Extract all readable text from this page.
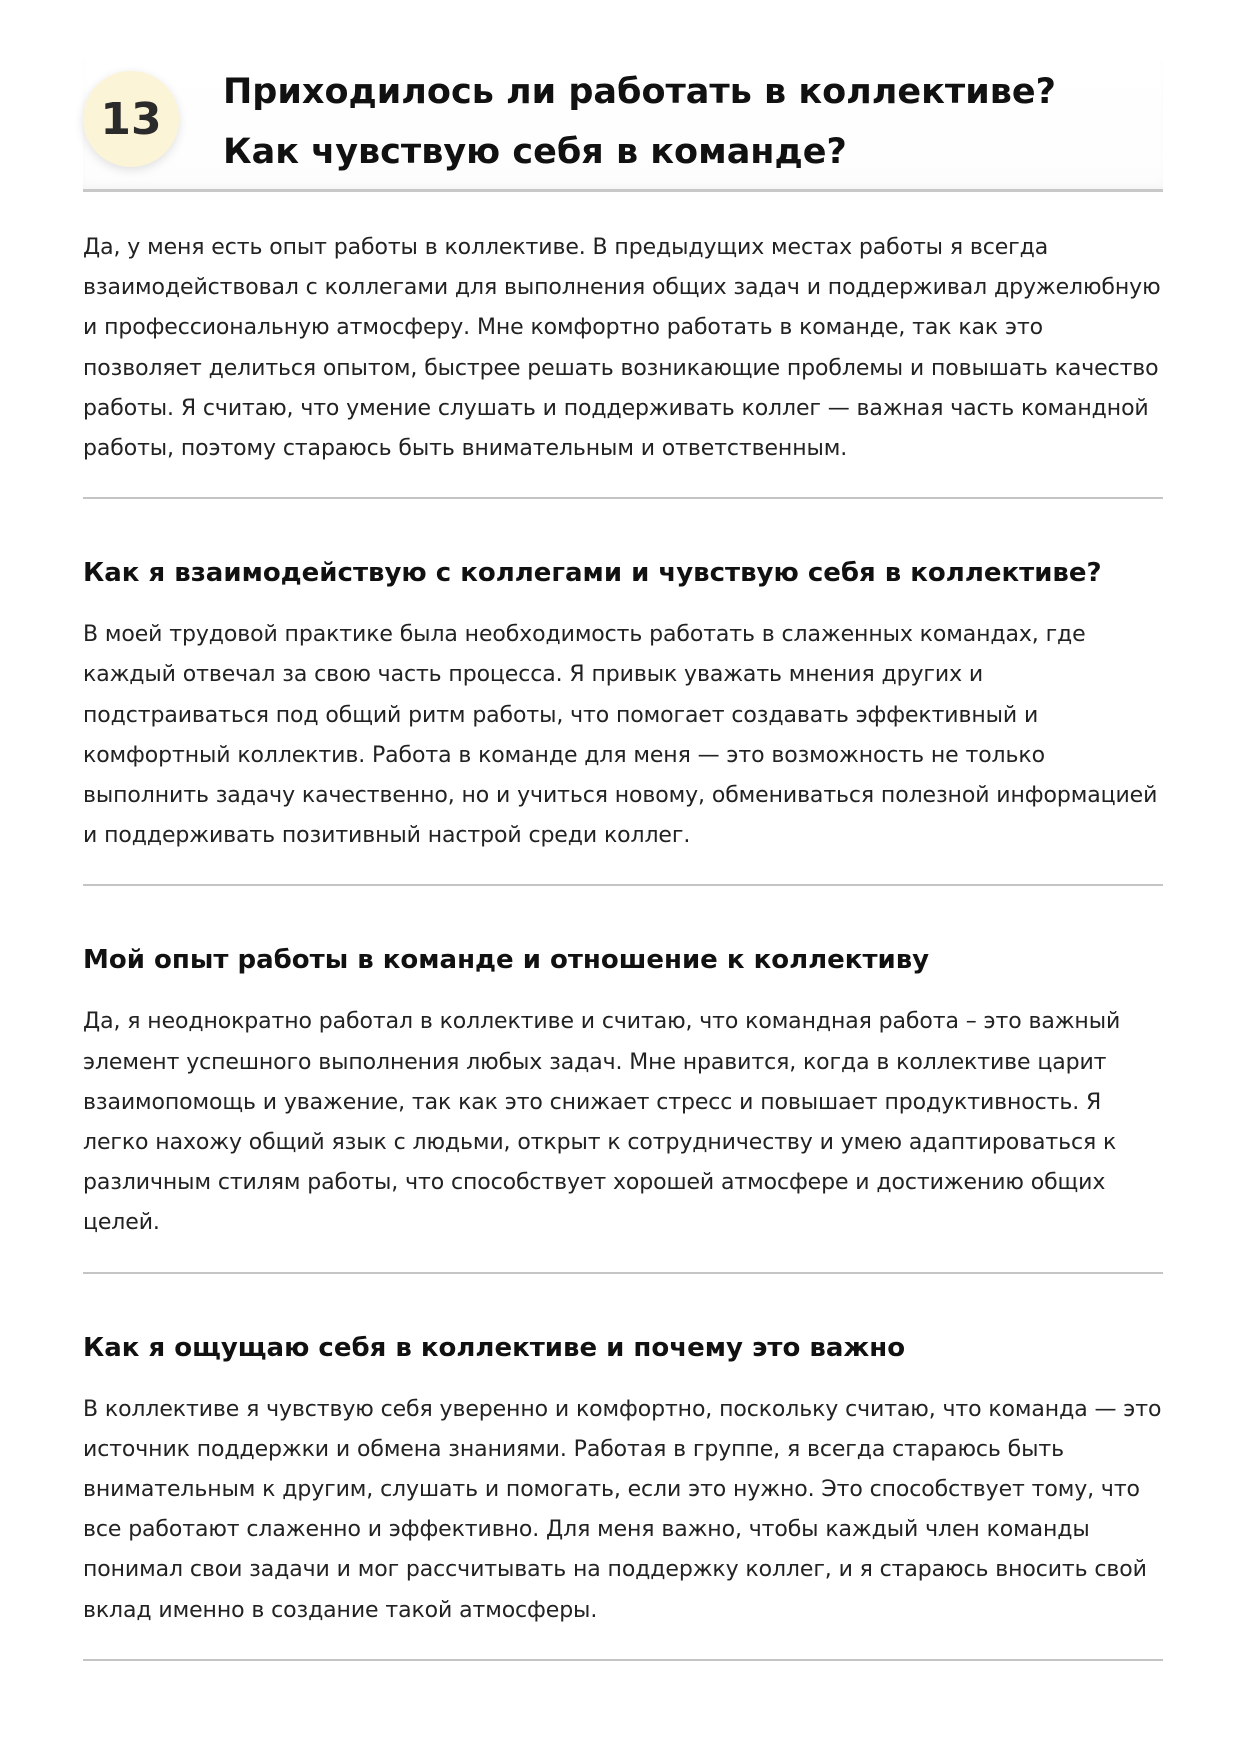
13
Приходилось ли работать в коллективе? Как чувствую себя в команде?

Да, у меня есть опыт работы в коллективе. В предыдущих местах работы я всегда взаимодействовал с коллегами для выполнения общих задач и поддерживал дружелюбную и профессиональную атмосферу. Мне комфортно работать в команде, так как это позволяет делиться опытом, быстрее решать возникающие проблемы и повышать качество работы. Я считаю, что умение слушать и поддерживать коллег — важная часть командной работы, поэтому стараюсь быть внимательным и ответственным.

Как я взаимодействую с коллегами и чувствую себя в коллективе?

В моей трудовой практике была необходимость работать в слаженных командах, где каждый отвечал за свою часть процесса. Я привык уважать мнения других и подстраиваться под общий ритм работы, что помогает создавать эффективный и комфортный коллектив. Работа в команде для меня — это возможность не только выполнить задачу качественно, но и учиться новому, обмениваться полезной информацией и поддерживать позитивный настрой среди коллег.

Мой опыт работы в команде и отношение к коллективу

Да, я неоднократно работал в коллективе и считаю, что командная работа – это важный элемент успешного выполнения любых задач. Мне нравится, когда в коллективе царит взаимопомощь и уважение, так как это снижает стресс и повышает продуктивность. Я легко нахожу общий язык с людьми, открыт к сотрудничеству и умею адаптироваться к различным стилям работы, что способствует хорошей атмосфере и достижению общих целей.

Как я ощущаю себя в коллективе и почему это важно

В коллективе я чувствую себя уверенно и комфортно, поскольку считаю, что команда — это источник поддержки и обмена знаниями. Работая в группе, я всегда стараюсь быть внимательным к другим, слушать и помогать, если это нужно. Это способствует тому, что все работают слаженно и эффективно. Для меня важно, чтобы каждый член команды понимал свои задачи и мог рассчитывать на поддержку коллег, и я стараюсь вносить свой вклад именно в создание такой атмосферы.
